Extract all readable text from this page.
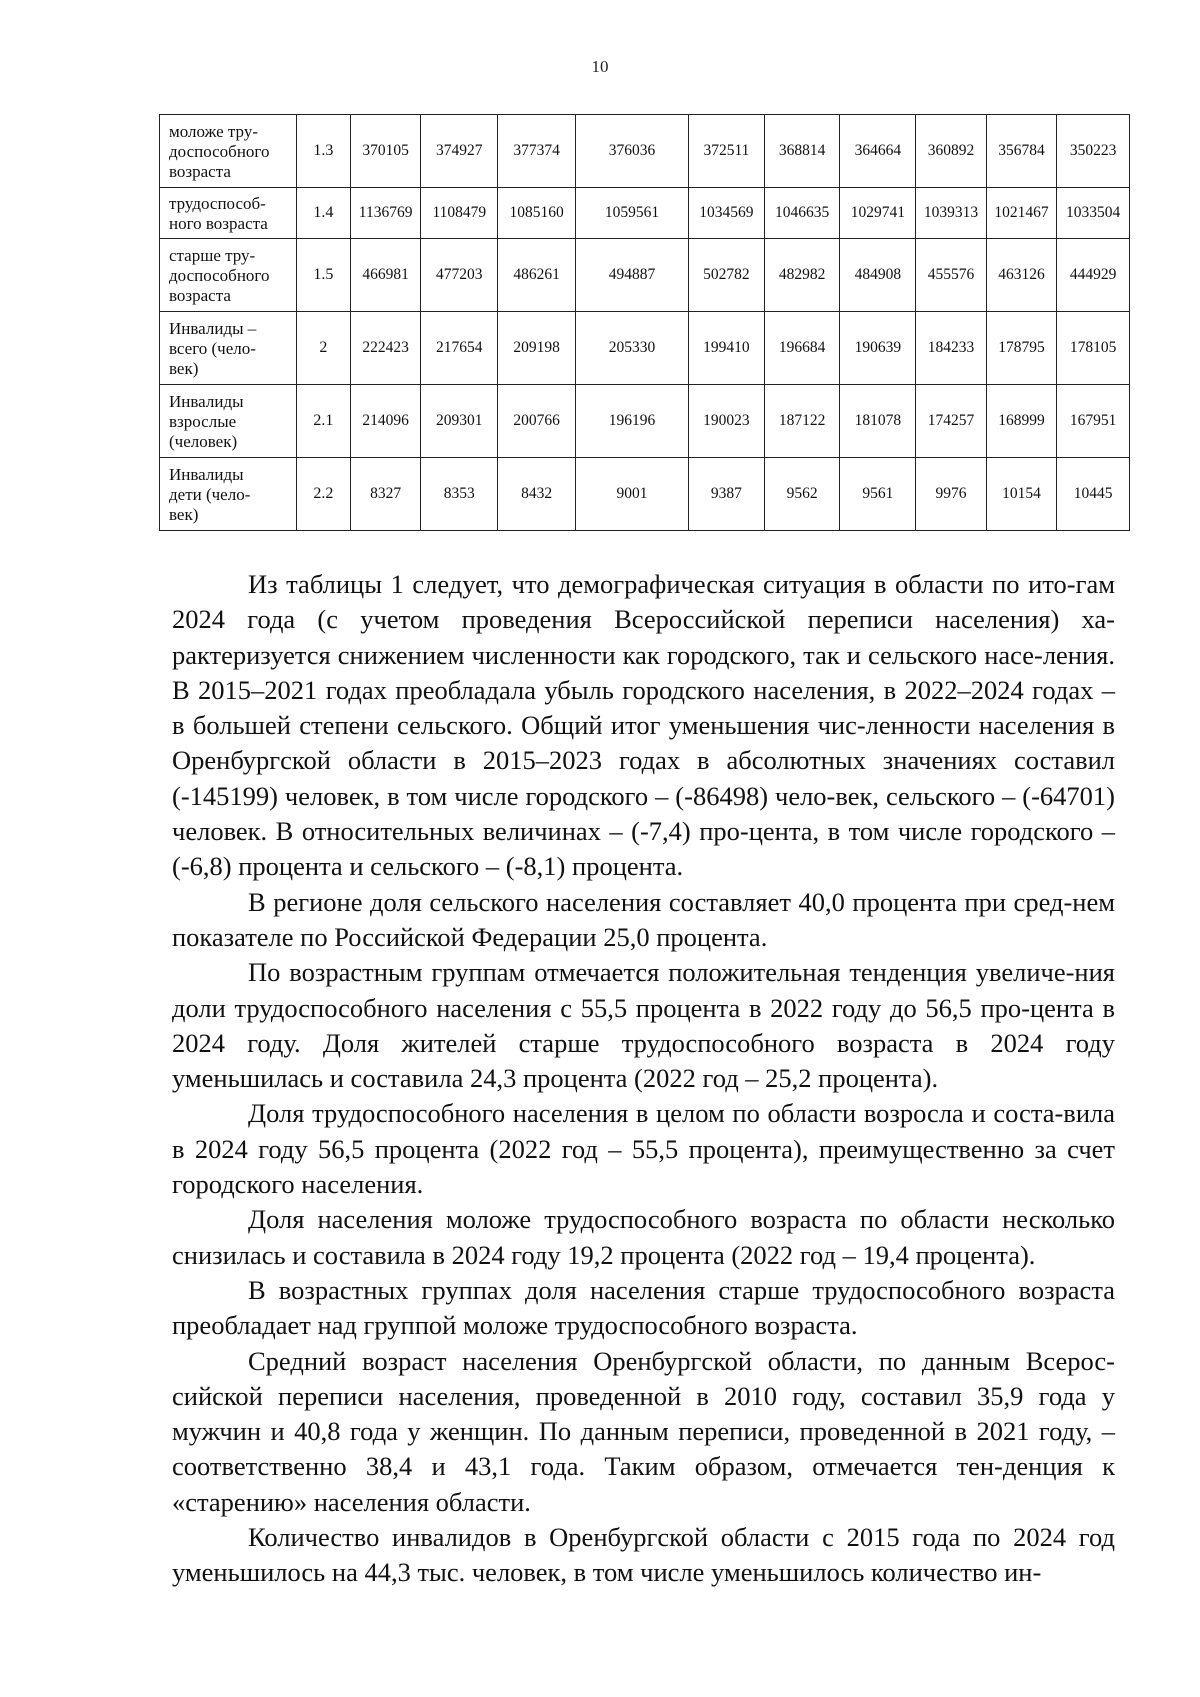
10
моложе тру-
доспособного
возраста	1.3	370105	374927	377374	376036	372511	368814	364664	360892	356784	350223
трудоспособ-
ного возраста	1.4	1136769	1108479	1085160	1059561	1034569	1046635	1029741	1039313	1021467	1033504
старше тру-
доспособного
возраста	1.5	466981	477203	486261	494887	502782	482982	484908	455576	463126	444929
Инвалиды –
всего (чело-
век)	2	222423	217654	209198	205330	199410	196684	190639	184233	178795	178105
Инвалиды
взрослые
(человек)	2.1	214096	209301	200766	196196	190023	187122	181078	174257	168999	167951
Инвалиды
дети (чело-
век)	2.2	8327	8353	8432	9001	9387	9562	9561	9976	10154	10445

Из таблицы 1 следует, что демографическая ситуация в области по ито-гам 2024 года (с учетом проведения Всероссийской переписи населения) ха-рактеризуется снижением численности как городского, так и сельского насе-ления. В 2015–2021 годах преобладала убыль городского населения, в 2022–2024 годах – в большей степени сельского. Общий итог уменьшения чис-ленности населения в Оренбургской области в 2015–2023 годах в абсолютных значениях составил (-145199) человек, в том числе городского – (-86498) чело-век, сельского – (-64701) человек. В относительных величинах – (-7,4) про-цента, в том числе городского – (-6,8) процента и сельского – (-8,1) процента.

В регионе доля сельского населения составляет 40,0 процента при сред-нем показателе по Российской Федерации 25,0 процента.

По возрастным группам отмечается положительная тенденция увеличе-ния доли трудоспособного населения с 55,5 процента в 2022 году до 56,5 про-цента в 2024 году. Доля жителей старше трудоспособного возраста в 2024 году уменьшилась и составила 24,3 процента (2022 год – 25,2 процента).

Доля трудоспособного населения в целом по области возросла и соста-вила в 2024 году 56,5 процента (2022 год – 55,5 процента), преимущественно за счет городского населения.

Доля населения моложе трудоспособного возраста по области несколько снизилась и составила в 2024 году 19,2 процента (2022 год – 19,4 процента).

В возрастных группах доля населения старше трудоспособного возраста преобладает над группой моложе трудоспособного возраста.

Средний возраст населения Оренбургской области, по данным Всерос-сийской переписи населения, проведенной в 2010 году, составил 35,9 года у мужчин и 40,8 года у женщин. По данным переписи, проведенной в 2021 году, – соответственно 38,4 и 43,1 года. Таким образом, отмечается тен-денция к «старению» населения области.

Количество инвалидов в Оренбургской области с 2015 года по 2024 год уменьшилось на 44,3 тыс. человек, в том числе уменьшилось количество ин-
